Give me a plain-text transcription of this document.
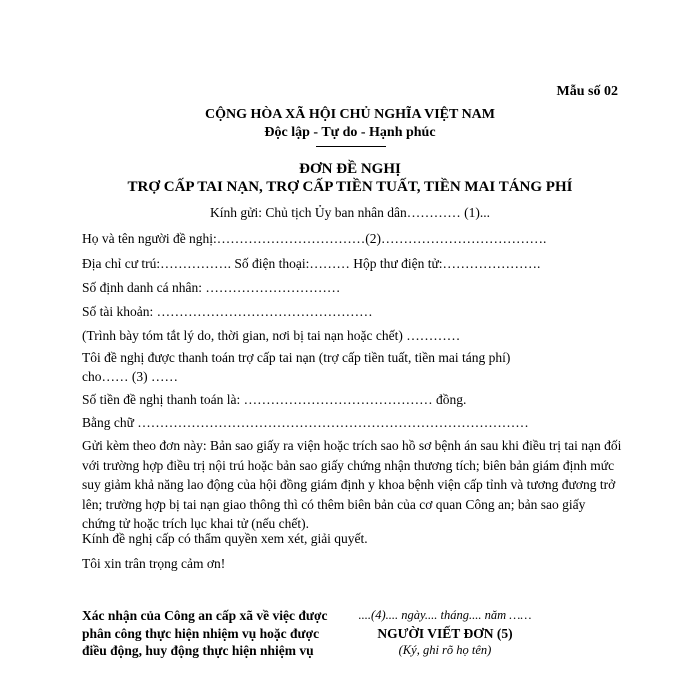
Mẫu số 02
CỘNG HÒA XÃ HỘI CHỦ NGHĨA VIỆT NAM
Độc lập - Tự do - Hạnh phúc
ĐƠN ĐỀ NGHỊ
TRỢ CẤP TAI NẠN, TRỢ CẤP TIỀN TUẤT, TIỀN MAI TÁNG PHÍ
Kính gửi: Chủ tịch Ủy ban nhân dân………… (1)...
Họ và tên người đề nghị:……………………………(2)……………………………….
Địa chỉ cư trú:……………. Số điện thoại:……… Hộp thư điện tử:………………….
Số định danh cá nhân: …………………………
Số tài khoản: …………………………………………
(Trình bày tóm tắt lý do, thời gian, nơi bị tai nạn hoặc chết) …………
Tôi đề nghị được thanh toán trợ cấp tai nạn (trợ cấp tiền tuất, tiền mai táng phí)
cho…… (3) ……
Số tiền đề nghị thanh toán là: …………………………………… đồng.
Bằng chữ ……………………………………………………………………………
Gửi kèm theo đơn này: Bản sao giấy ra viện hoặc trích sao hồ sơ bệnh án sau khi điều trị tai nạn đối với trường hợp điều trị nội trú hoặc bản sao giấy chứng nhận thương tích; biên bản giám định mức suy giảm khả năng lao động của hội đồng giám định y khoa bệnh viện cấp tỉnh và tương đương trở lên; trường hợp bị tai nạn giao thông thì có thêm biên bản của cơ quan Công an; bản sao giấy chứng tử hoặc trích lục khai tử (nếu chết).
Kính đề nghị cấp có thẩm quyền xem xét, giải quyết.
Tôi xin trân trọng cảm ơn!
Xác nhận của Công an cấp xã về việc được phân công thực hiện nhiệm vụ hoặc được điều động, huy động thực hiện nhiệm vụ
....(4).... ngày.... tháng.... năm ……
NGƯỜI VIẾT ĐƠN (5)
(Ký, ghi rõ họ tên)
